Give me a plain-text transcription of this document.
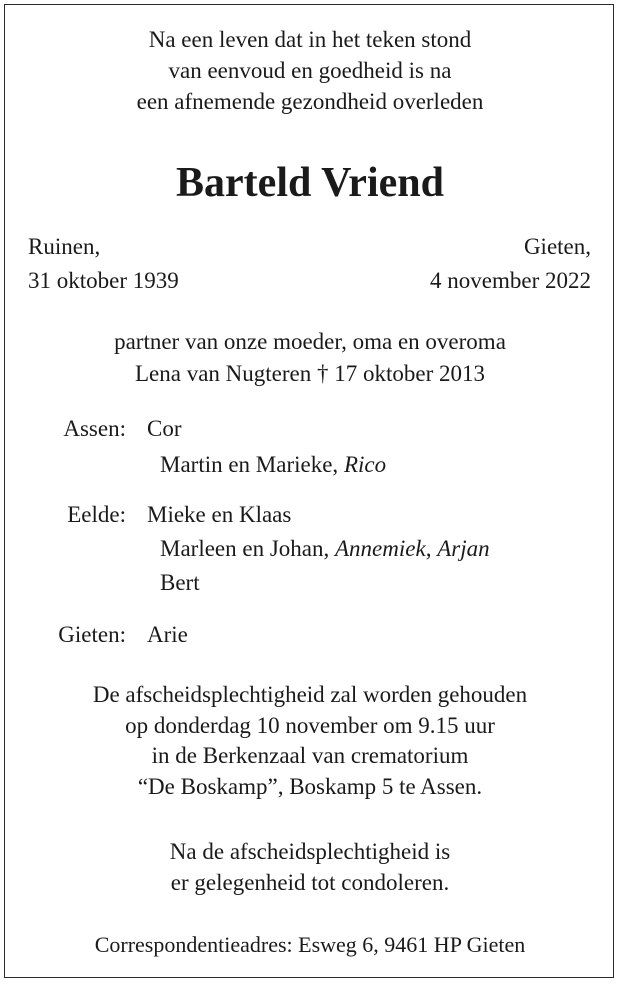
Na een leven dat in het teken stond
van eenvoud en goedheid is na
een afnemende gezondheid overleden
Barteld Vriend
Ruinen,
31 oktober 1939
Gieten,
4 november 2022
partner van onze moeder, oma en overoma
Lena van Nugteren † 17 oktober 2013
Assen: Cor
Martin en Marieke, Rico
Eelde: Mieke en Klaas
Marleen en Johan, Annemiek, Arjan
Bert
Gieten: Arie
De afscheidsplechtigheid zal worden gehouden
op donderdag 10 november om 9.15 uur
in de Berkenzaal van crematorium
“De Boskamp”, Boskamp 5 te Assen.
Na de afscheidsplechtigheid is
er gelegenheid tot condoleren.
Correspondentieadres: Esweg 6, 9461 HP Gieten
